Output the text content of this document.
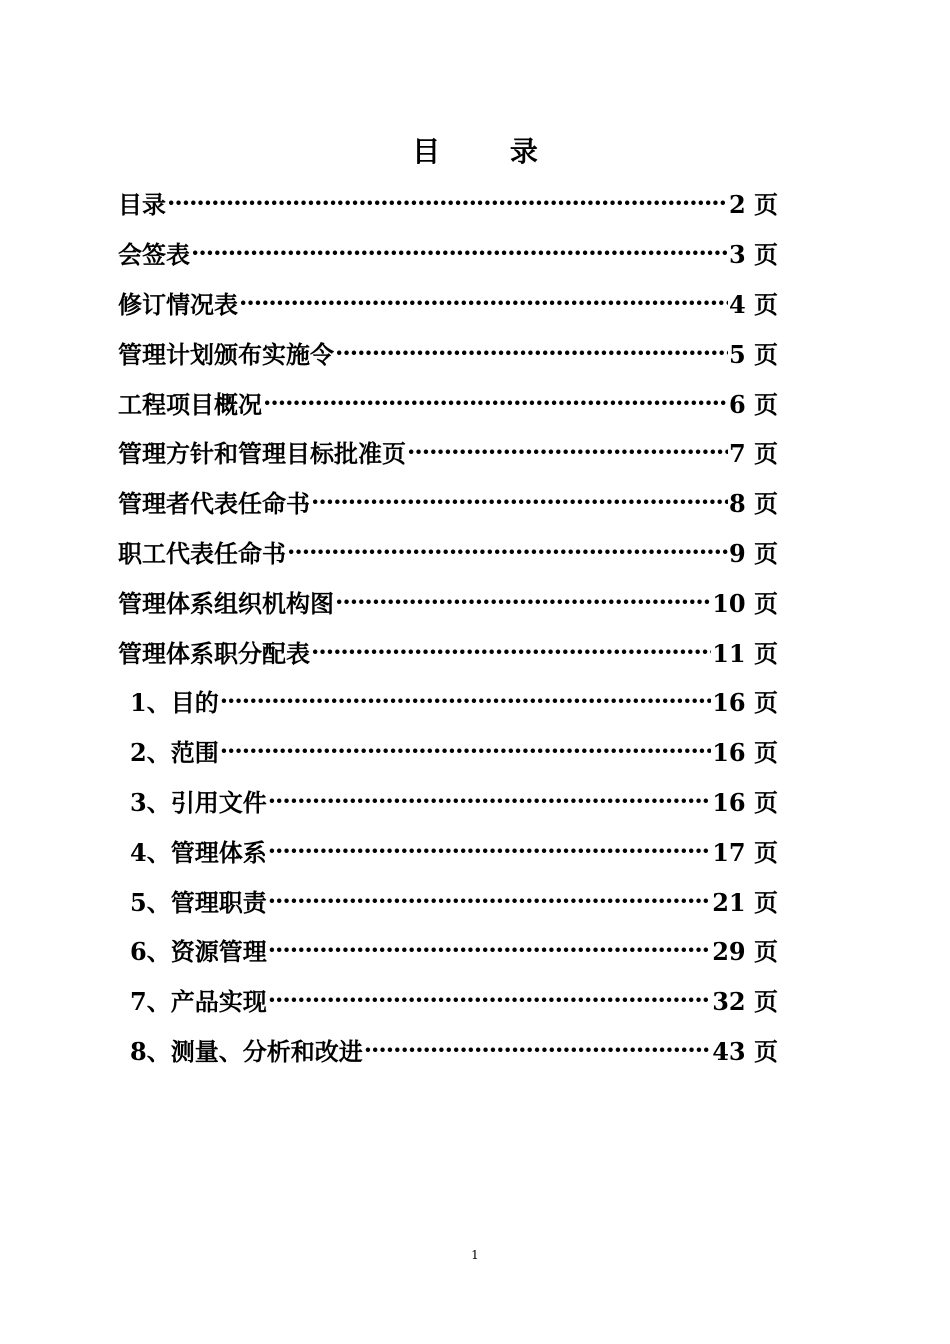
目 录
目录 ·····	2 页
会签表 ·····	3 页
修订情况表 ·····	4 页
管理计划颁布实施令 ·····	5 页
工程项目概况 ·····	6 页
管理方针和管理目标批准页 ·····	7 页
管理者代表任命书 ·····	8 页
职工代表任命书 ·····	9 页
管理体系组织机构图 ·····	10 页
管理体系职分配表 ·····	11 页
1、目的 ·····	16 页
2、范围 ·····	16 页
3、引用文件 ·····	16 页
4、管理体系 ·····	17 页
5、管理职责 ·····	21 页
6、资源管理 ·····	29 页
7、产品实现 ·····	32 页
8、测量、分析和改进 ·····	43 页
1
